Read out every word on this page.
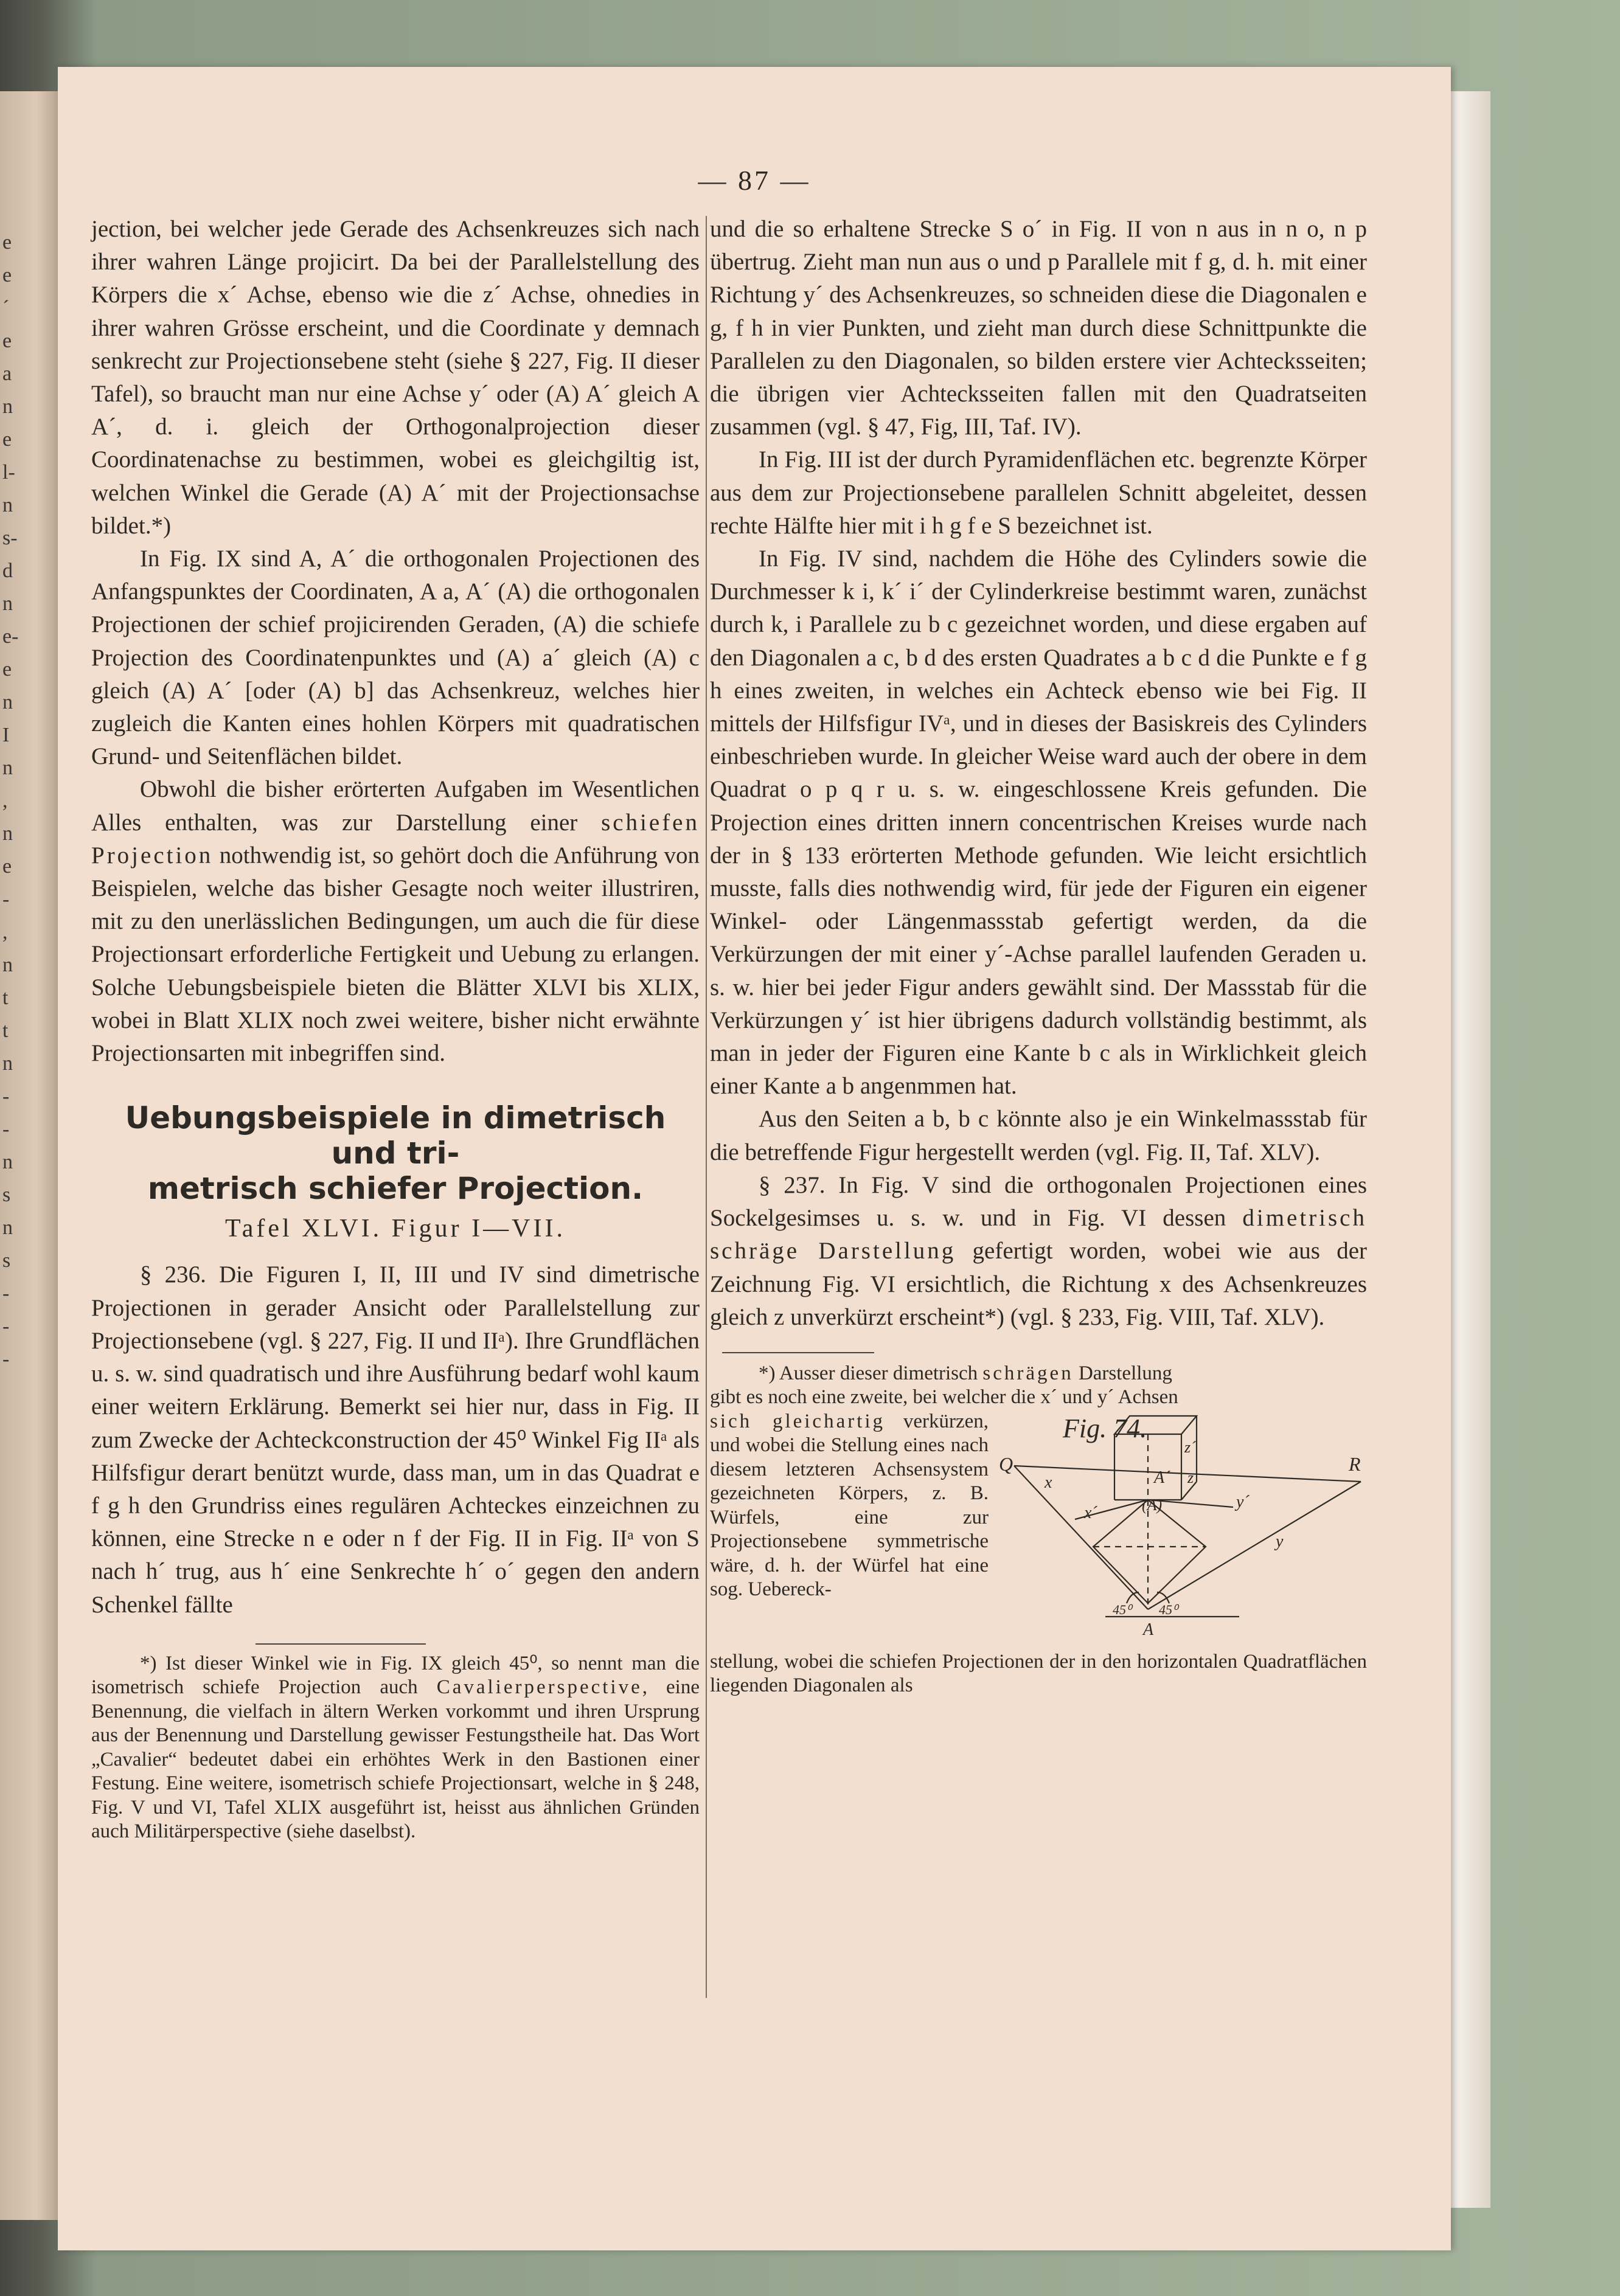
e
e
´
e
a
n
e
l-
n
s-
d
n
e-
e
n
I
n
,
n
e
-
,
n
t
t
n
-
-
n
s
n
s
-
-
-
— 87 —

jection, bei welcher jede Gerade des Achsenkreuzes sich nach ihrer wahren Länge projicirt. Da bei der Parallelstellung des Körpers die x´ Achse, ebenso wie die z´ Achse, ohnedies in ihrer wahren Grösse erscheint, und die Coordinate y demnach senkrecht zur Projectionsebene steht (siehe § 227, Fig. II dieser Tafel), so braucht man nur eine Achse y´ oder (A) A´ gleich A A´, d. i. gleich der Orthogonalprojection dieser Coordinatenachse zu bestimmen, wobei es gleichgiltig ist, welchen Winkel die Gerade (A) A´ mit der Projectionsachse bildet.*)

In Fig. IX sind A, A´ die orthogonalen Projectionen des Anfangspunktes der Coordinaten, A a, A´ (A) die orthogonalen Projectionen der schief projicirenden Geraden, (A) die schiefe Projection des Coordinatenpunktes und (A) a´ gleich (A) c gleich (A) A´ [oder (A) b] das Achsenkreuz, welches hier zugleich die Kanten eines hohlen Körpers mit quadratischen Grund- und Seitenflächen bildet.

Obwohl die bisher erörterten Aufgaben im Wesentlichen Alles enthalten, was zur Darstellung einer schiefen Projection nothwendig ist, so gehört doch die Anführung von Beispielen, welche das bisher Gesagte noch weiter illustriren, mit zu den unerlässlichen Bedingungen, um auch die für diese Projectionsart erforderliche Fertigkeit und Uebung zu erlangen. Solche Uebungsbeispiele bieten die Blätter XLVI bis XLIX, wobei in Blatt XLIX noch zwei weitere, bisher nicht erwähnte Projectionsarten mit inbegriffen sind.

Uebungsbeispiele in dimetrisch und tri-
metrisch schiefer Projection.
Tafel XLVI. Figur I—VII.

§ 236. Die Figuren I, II, III und IV sind dimetrische Projectionen in gerader Ansicht oder Parallelstellung zur Projectionsebene (vgl. § 227, Fig. II und IIᵃ). Ihre Grundflächen u. s. w. sind quadratisch und ihre Ausführung bedarf wohl kaum einer weitern Erklärung. Bemerkt sei hier nur, dass in Fig. II zum Zwecke der Achteckconstruction der 45⁰ Winkel Fig IIᵃ als Hilfsfigur derart benützt wurde, dass man, um in das Quadrat e f g h den Grundriss eines regulären Achteckes einzeichnen zu können, eine Strecke n e oder n f der Fig. II in Fig. IIᵃ von S nach h´ trug, aus h´ eine Senkrechte h´ o´ gegen den andern Schenkel fällte

*) Ist dieser Winkel wie in Fig. IX gleich 45⁰, so nennt man die isometrisch schiefe Projection auch Cavalierperspective, eine Benennung, die vielfach in ältern Werken vorkommt und ihren Ursprung aus der Benennung und Darstellung gewisser Festungstheile hat. Das Wort „Cavalier“ bedeutet dabei ein erhöhtes Werk in den Bastionen einer Festung. Eine weitere, isometrisch schiefe Projectionsart, welche in § 248, Fig. V und VI, Tafel XLIX ausgeführt ist, heisst aus ähnlichen Gründen auch Militärperspective (siehe daselbst).

und die so erhaltene Strecke S o´ in Fig. II von n aus in n o, n p übertrug. Zieht man nun aus o und p Parallele mit f g, d. h. mit einer Richtung y´ des Achsenkreuzes, so schneiden diese die Diagonalen e g, f h in vier Punkten, und zieht man durch diese Schnittpunkte die Parallelen zu den Diagonalen, so bilden erstere vier Achtecksseiten; die übrigen vier Achtecksseiten fallen mit den Quadratseiten zusammen (vgl. § 47, Fig, III, Taf. IV).

In Fig. III ist der durch Pyramidenflächen etc. begrenzte Körper aus dem zur Projectionsebene parallelen Schnitt abgeleitet, dessen rechte Hälfte hier mit i h g f e S bezeichnet ist.

In Fig. IV sind, nachdem die Höhe des Cylinders sowie die Durchmesser k i, k´ i´ der Cylinderkreise bestimmt waren, zunächst durch k, i Parallele zu b c gezeichnet worden, und diese ergaben auf den Diagonalen a c, b d des ersten Quadrates a b c d die Punkte e f g h eines zweiten, in welches ein Achteck ebenso wie bei Fig. II mittels der Hilfsfigur IVᵃ, und in dieses der Basiskreis des Cylinders einbeschrieben wurde. In gleicher Weise ward auch der obere in dem Quadrat o p q r u. s. w. eingeschlossene Kreis gefunden. Die Projection eines dritten innern concentrischen Kreises wurde nach der in § 133 erörterten Methode gefunden. Wie leicht ersichtlich musste, falls dies nothwendig wird, für jede der Figuren ein eigener Winkel- oder Längenmassstab gefertigt werden, da die Verkürzungen der mit einer y´-Achse parallel laufenden Geraden u. s. w. hier bei jeder Figur anders gewählt sind. Der Massstab für die Verkürzungen y´ ist hier übrigens dadurch vollständig bestimmt, als man in jeder der Figuren eine Kante b c als in Wirklichkeit gleich einer Kante a b angenmmen hat.

Aus den Seiten a b, b c könnte also je ein Winkelmassstab für die betreffende Figur hergestellt werden (vgl. Fig. II, Taf. XLV).

§ 237. In Fig. V sind die orthogonalen Projectionen eines Sockelgesimses u. s. w. und in Fig. VI dessen dimetrisch schräge Darstellung gefertigt worden, wobei wie aus der Zeichnung Fig. VI ersichtlich, die Richtung x des Achsenkreuzes gleich z unverkürzt erscheint*) (vgl. § 233, Fig. VIII, Taf. XLV).

*) Ausser dieser dimetrisch schrägen Darstellung

gibt es noch eine zweite, bei welcher die x´ und y´ Achsen

sich gleichartig verkürzen, und wobei die Stellung eines nach diesem letzteren Achsensystem gezeichneten Körpers, z. B. Würfels, eine zur Projectionsebene symmetrische wäre, d. h. der Würfel hat eine sog. Uebereck-

Fig. 74.
Q	R
z´
z
A´
(A)
x´
x
y´
y
45⁰ 45⁰
A

stellung, wobei die schiefen Projectionen der in den horizontalen Quadratflächen liegenden Diagonalen als
